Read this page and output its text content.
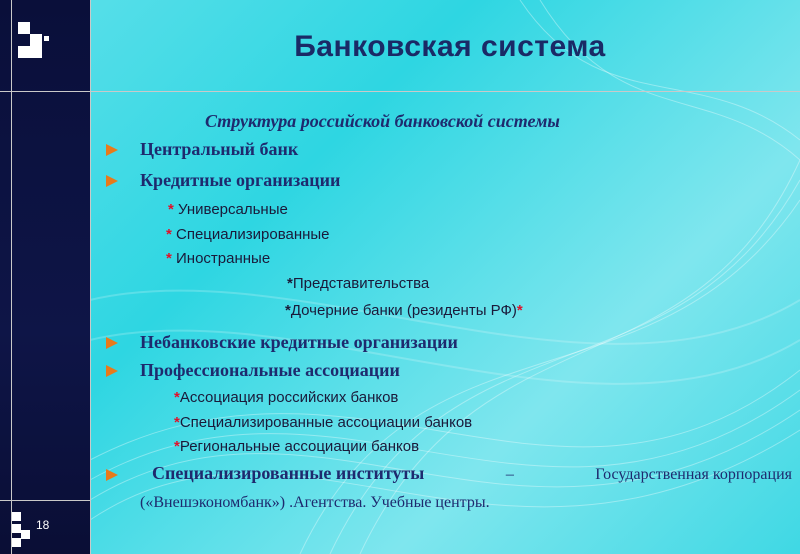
18
Банковская система
Структура российской банковской системы
Центральный банк
Кредитные организации
* Универсальные
* Специализированные
* Иностранные
*Представительства
*Дочерние банки (резиденты РФ)*
Небанковские кредитные организации
Профессиональные ассоциации
*Ассоциация российских банков
*Специализированные ассоциации банков
*Региональные ассоциации банков
Специализированные институты	–	Государственная корпорация
(«Внешэкономбанк») .Агентства. Учебные центры.
